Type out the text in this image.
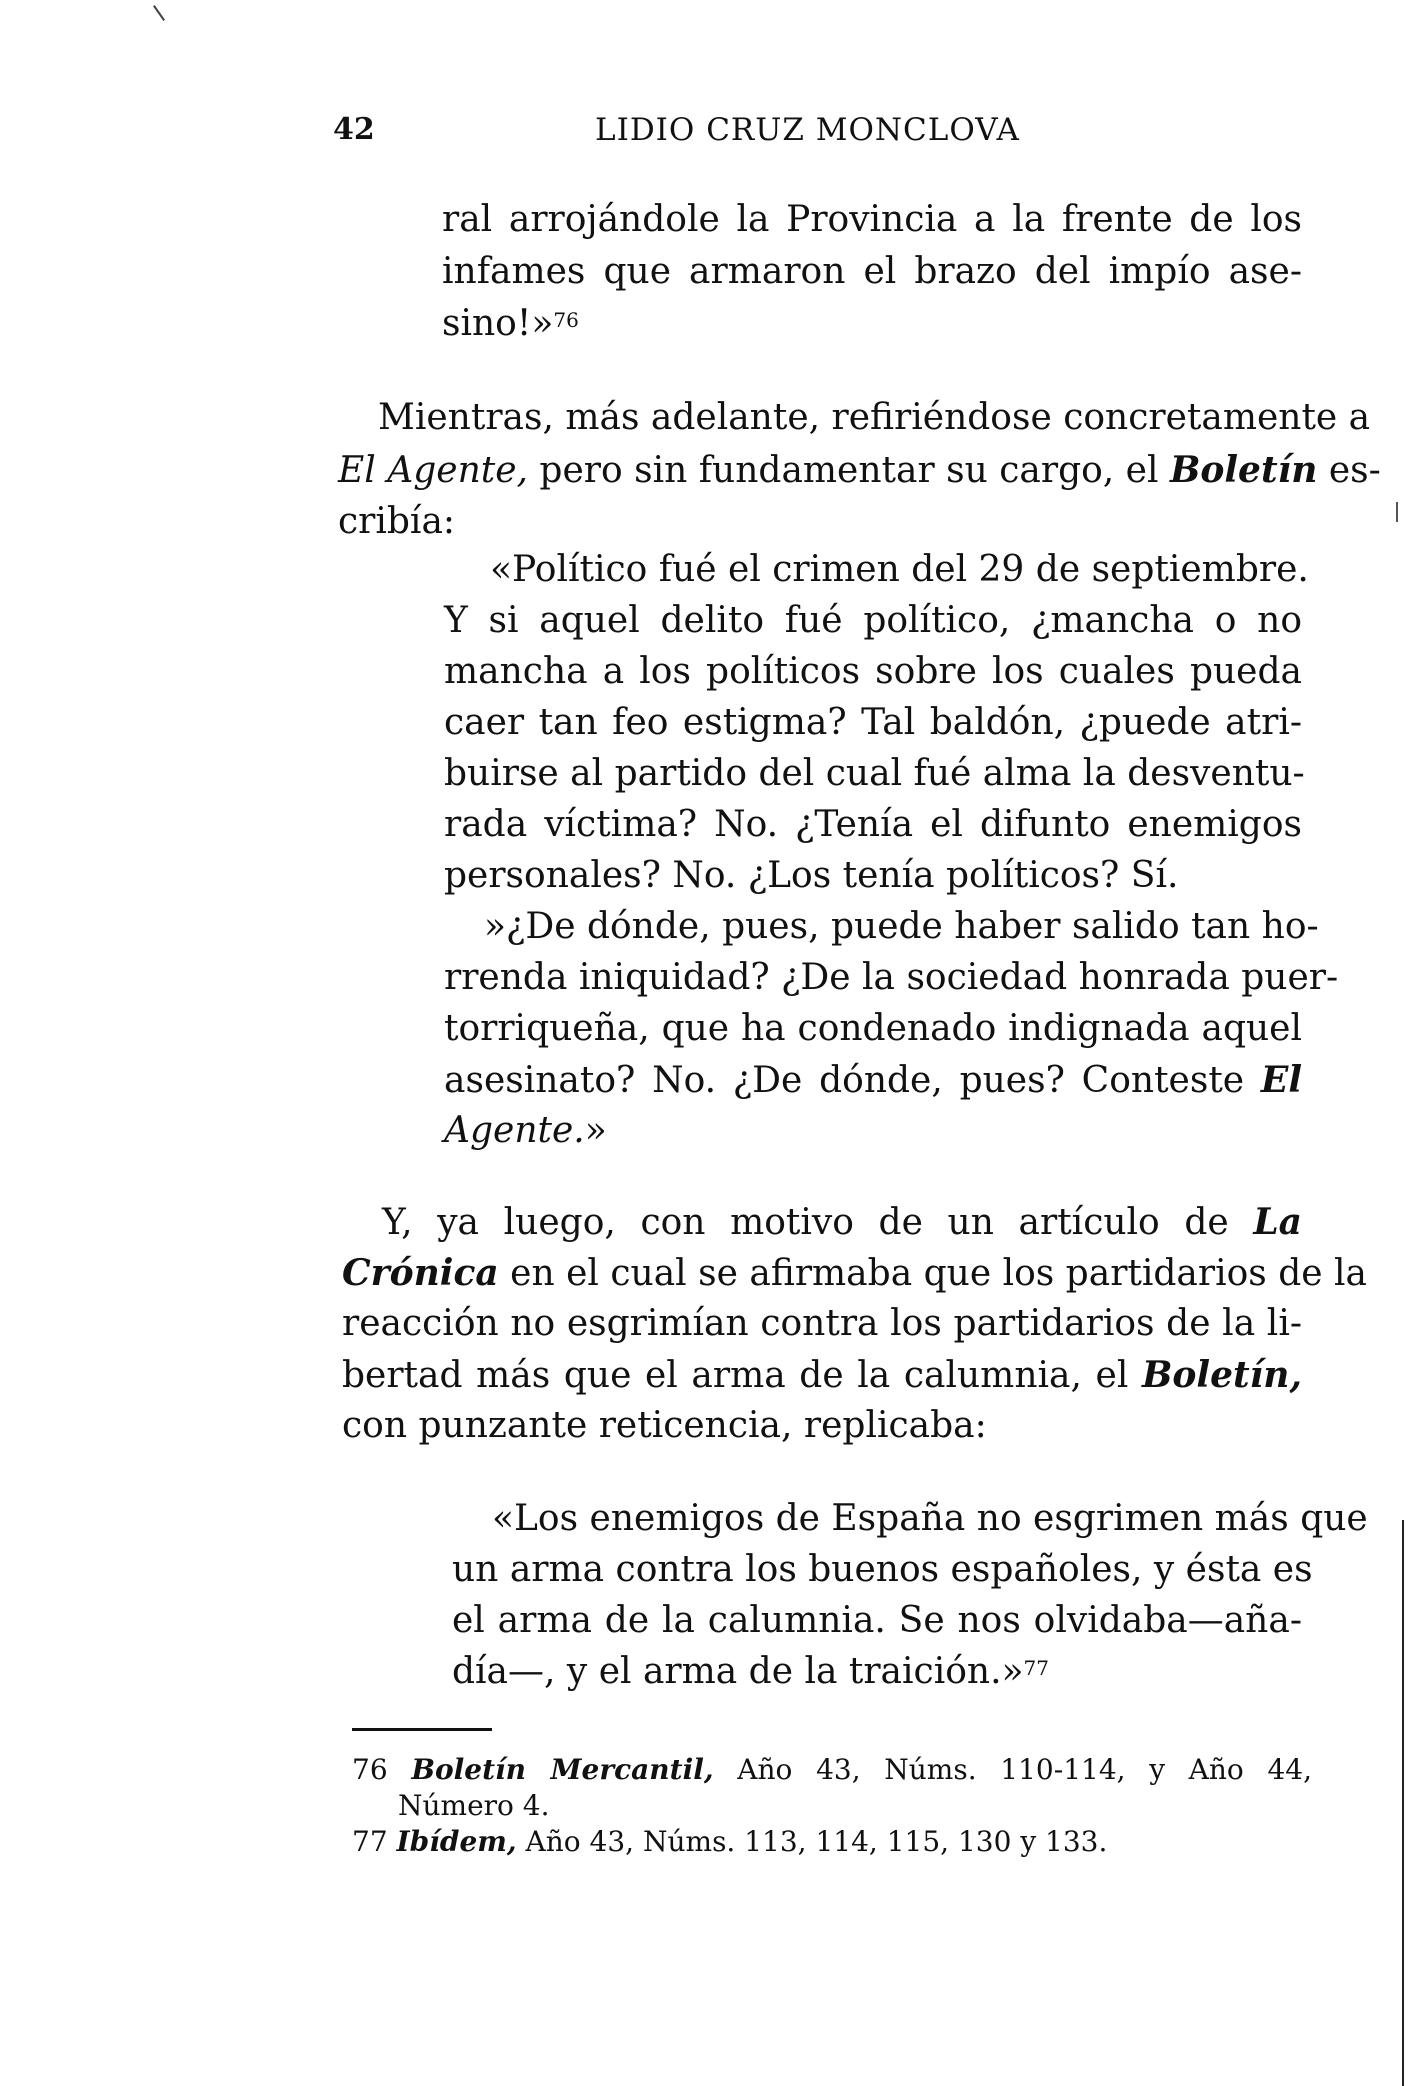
42	LIDIO CRUZ MONCLOVA
ral arrojándole la Provincia a la frente de los
infames que armaron el brazo del impío ase-
sino!»$^{76}$
Mientras, más adelante, refiriéndose concretamente a
El Agente, pero sin fundamentar su cargo, el Boletín es-
cribía:
«Político fué el crimen del 29 de septiembre.
Y si aquel delito fué político, ¿mancha o no
mancha a los políticos sobre los cuales pueda
caer tan feo estigma? Tal baldón, ¿puede atri-
buirse al partido del cual fué alma la desventu-
rada víctima? No. ¿Tenía el difunto enemigos
personales? No. ¿Los tenía políticos? Sí.
»¿De dónde, pues, puede haber salido tan ho-
rrenda iniquidad? ¿De la sociedad honrada puer-
torriqueña, que ha condenado indignada aquel
asesinato? No. ¿De dónde, pues? Conteste El
Agente.»
Y, ya luego, con motivo de un artículo de La
Crónica en el cual se afirmaba que los partidarios de la
reacción no esgrimían contra los partidarios de la li-
bertad más que el arma de la calumnia, el Boletín,
con punzante reticencia, replicaba:
«Los enemigos de España no esgrimen más que
un arma contra los buenos españoles, y ésta es
el arma de la calumnia. Se nos olvidaba—aña-
día—, y el arma de la traición.»$^{77}$
76 Boletín Mercantil, Año 43, Núms. 110-114, y Año 44,
Número 4.
77 Ibídem, Año 43, Núms. 113, 114, 115, 130 y 133.
